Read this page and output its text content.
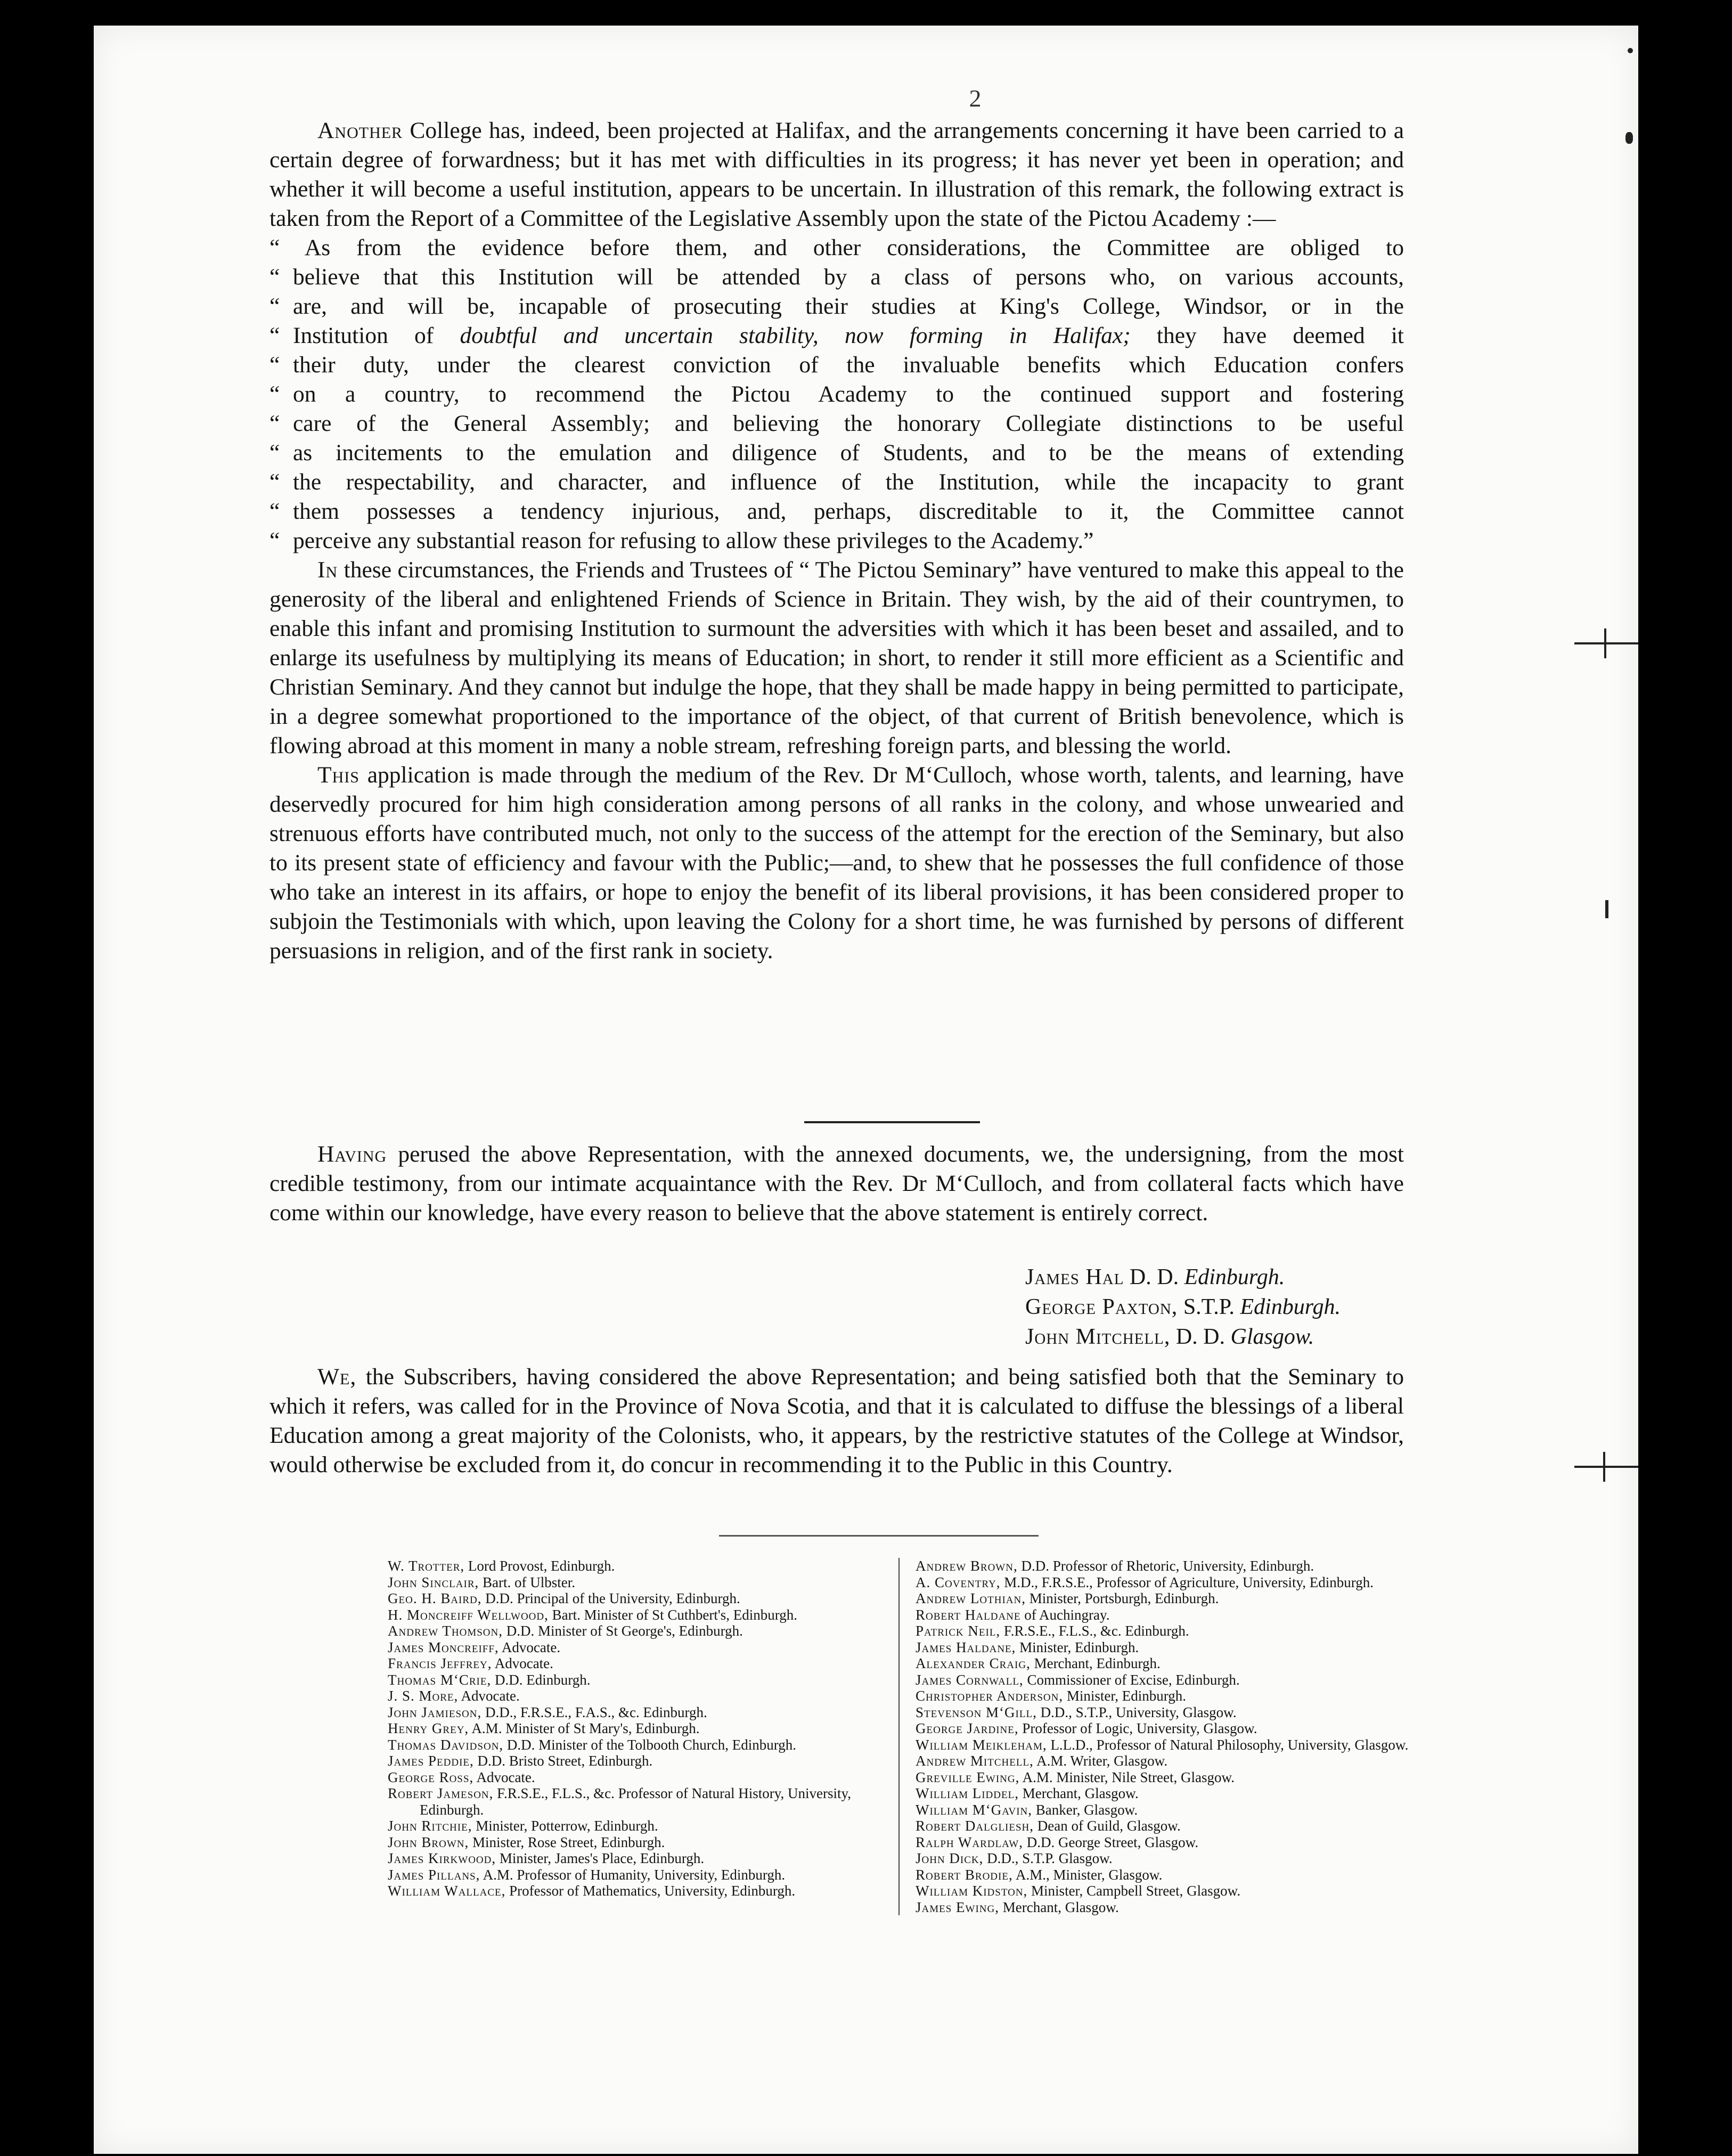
2

Another College has, indeed, been projected at Halifax, and the arrangements concerning it have been carried to a certain degree of forwardness; but it has met with difficulties in its progress; it has never yet been in operation; and whether it will become a useful institution, appears to be uncertain. In illustration of this remark, the following extract is taken from the Report of a Committee of the Legislative Assembly upon the state of the Pictou Academy :—

“ As from the evidence before them, and other considerations, the Committee are obliged to
“ believe that this Institution will be attended by a class of persons who, on various accounts,
“ are, and will be, incapable of prosecuting their studies at King's College, Windsor, or in the
“ Institution of doubtful and uncertain stability, now forming in Halifax; they have deemed it
“ their duty, under the clearest conviction of the invaluable benefits which Education confers
“ on a country, to recommend the Pictou Academy to the continued support and fostering
“ care of the General Assembly; and believing the honorary Collegiate distinctions to be useful
“ as incitements to the emulation and diligence of Students, and to be the means of extending
“ the respectability, and character, and influence of the Institution, while the incapacity to grant
“ them possesses a tendency injurious, and, perhaps, discreditable to it, the Committee cannot
“ perceive any substantial reason for refusing to allow these privileges to the Academy.”

In these circumstances, the Friends and Trustees of “ The Pictou Seminary” have ventured to make this appeal to the generosity of the liberal and enlightened Friends of Science in Britain. They wish, by the aid of their countrymen, to enable this infant and promising Institution to surmount the adversities with which it has been beset and assailed, and to enlarge its usefulness by multiplying its means of Education; in short, to render it still more efficient as a Scientific and Christian Seminary. And they cannot but indulge the hope, that they shall be made happy in being permitted to participate, in a degree somewhat proportioned to the importance of the object, of that current of British benevolence, which is flowing abroad at this moment in many a noble stream, refreshing foreign parts, and blessing the world.

This application is made through the medium of the Rev. Dr M‘Culloch, whose worth, talents, and learning, have deservedly procured for him high consideration among persons of all ranks in the colony, and whose unwearied and strenuous efforts have contributed much, not only to the success of the attempt for the erection of the Seminary, but also to its present state of efficiency and favour with the Public;—and, to shew that he possesses the full confidence of those who take an interest in its affairs, or hope to enjoy the benefit of its liberal provisions, it has been considered proper to subjoin the Testimonials with which, upon leaving the Colony for a short time, he was furnished by persons of different persuasions in religion, and of the first rank in society.

Having perused the above Representation, with the annexed documents, we, the undersigning, from the most credible testimony, from our intimate acquaintance with the Rev. Dr M‘Culloch, and from collateral facts which have come within our knowledge, have every reason to believe that the above statement is entirely correct.

James Hal D. D. Edinburgh.
George Paxton, S.T.P. Edinburgh.
John Mitchell, D. D. Glasgow.

We, the Subscribers, having considered the above Representation; and being satisfied both that the Seminary to which it refers, was called for in the Province of Nova Scotia, and that it is calculated to diffuse the blessings of a liberal Education among a great majority of the Colonists, who, it appears, by the restrictive statutes of the College at Windsor, would otherwise be excluded from it, do concur in recommending it to the Public in this Country.

W. Trotter, Lord Provost, Edinburgh.

John Sinclair, Bart. of Ulbster.

Geo. H. Baird, D.D. Principal of the University, Edinburgh.

H. Moncreiff Wellwood, Bart. Minister of St Cuthbert's, Edinburgh.

Andrew Thomson, D.D. Minister of St George's, Edinburgh.

James Moncreiff, Advocate.

Francis Jeffrey, Advocate.

Thomas M‘Crie, D.D. Edinburgh.

J. S. More, Advocate.

John Jamieson, D.D., F.R.S.E., F.A.S., &c. Edinburgh.

Henry Grey, A.M. Minister of St Mary's, Edinburgh.

Thomas Davidson, D.D. Minister of the Tolbooth Church, Edinburgh.

James Peddie, D.D. Bristo Street, Edinburgh.

George Ross, Advocate.

Robert Jameson, F.R.S.E., F.L.S., &c. Professor of Natural History, University, Edinburgh.

John Ritchie, Minister, Potterrow, Edinburgh.

John Brown, Minister, Rose Street, Edinburgh.

James Kirkwood, Minister, James's Place, Edinburgh.

James Pillans, A.M. Professor of Humanity, University, Edinburgh.

William Wallace, Professor of Mathematics, University, Edinburgh.

Andrew Brown, D.D. Professor of Rhetoric, University, Edinburgh.

A. Coventry, M.D., F.R.S.E., Professor of Agriculture, University, Edinburgh.

Andrew Lothian, Minister, Portsburgh, Edinburgh.

Robert Haldane of Auchingray.

Patrick Neil, F.R.S.E., F.L.S., &c. Edinburgh.

James Haldane, Minister, Edinburgh.

Alexander Craig, Merchant, Edinburgh.

James Cornwall, Commissioner of Excise, Edinburgh.

Christopher Anderson, Minister, Edinburgh.

Stevenson M‘Gill, D.D., S.T.P., University, Glasgow.

George Jardine, Professor of Logic, University, Glasgow.

William Meikleham, L.L.D., Professor of Natural Philosophy, University, Glasgow.

Andrew Mitchell, A.M. Writer, Glasgow.

Greville Ewing, A.M. Minister, Nile Street, Glasgow.

William Liddel, Merchant, Glasgow.

William M‘Gavin, Banker, Glasgow.

Robert Dalgliesh, Dean of Guild, Glasgow.

Ralph Wardlaw, D.D. George Street, Glasgow.

John Dick, D.D., S.T.P. Glasgow.

Robert Brodie, A.M., Minister, Glasgow.

William Kidston, Minister, Campbell Street, Glasgow.

James Ewing, Merchant, Glasgow.
